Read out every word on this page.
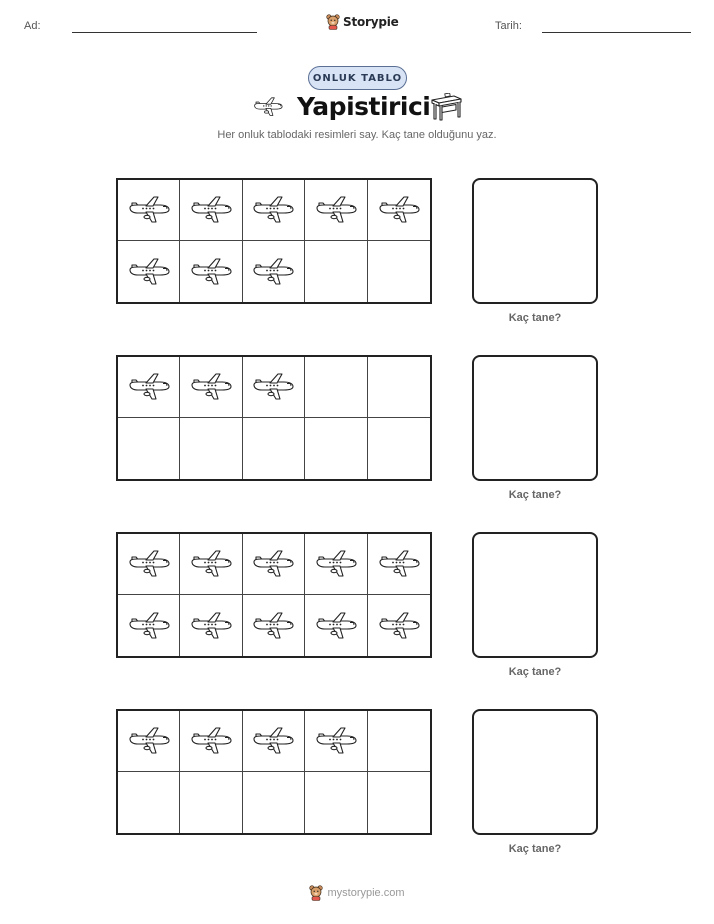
Ad:	Storypie	Tarih:
ONLUK TABLO
Yapistirici

Her onluk tablodaki resimleri say. Kaç tane olduğunu yaz.

Kaç tane?
Kaç tane?
Kaç tane?
Kaç tane?
mystorypie.com
